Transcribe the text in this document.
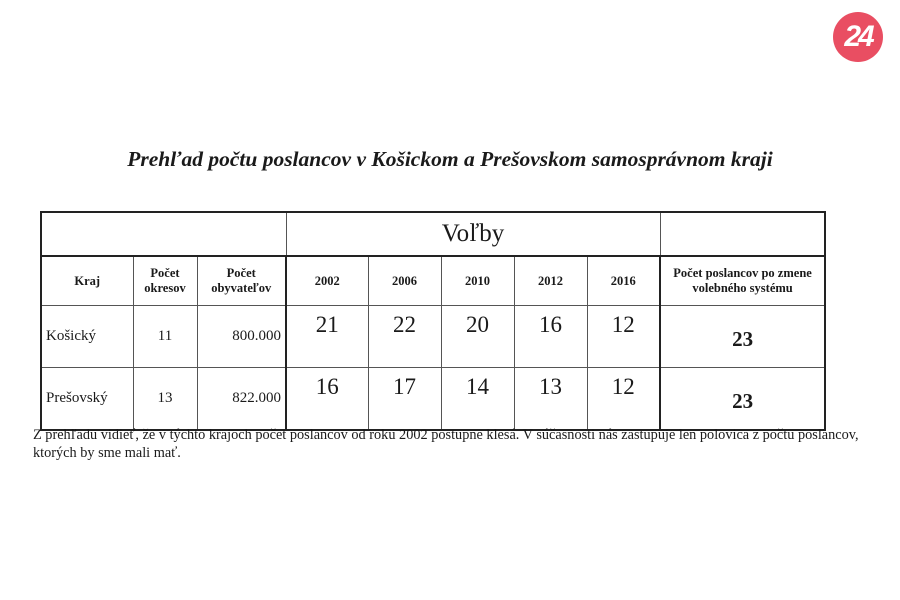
24
Prehľad počtu poslancov v Košickom a Prešovskom samosprávnom kraji
			Voľby					
Kraj	Počet okresov	Počet obyvateľov	2002	2006	2010	2012	2016	Počet poslancov po zmene volebného systému
Košický	11	800.000	21	22	20	16	12	23
Prešovský	13	822.000	16	17	14	13	12	23
Z prehľadu vidieť, že v týchto krajoch počet poslancov od roku 2002 postupne klesá. V súčasnosti nás zastupuje len polovica z počtu poslancov, ktorých by sme mali mať.
